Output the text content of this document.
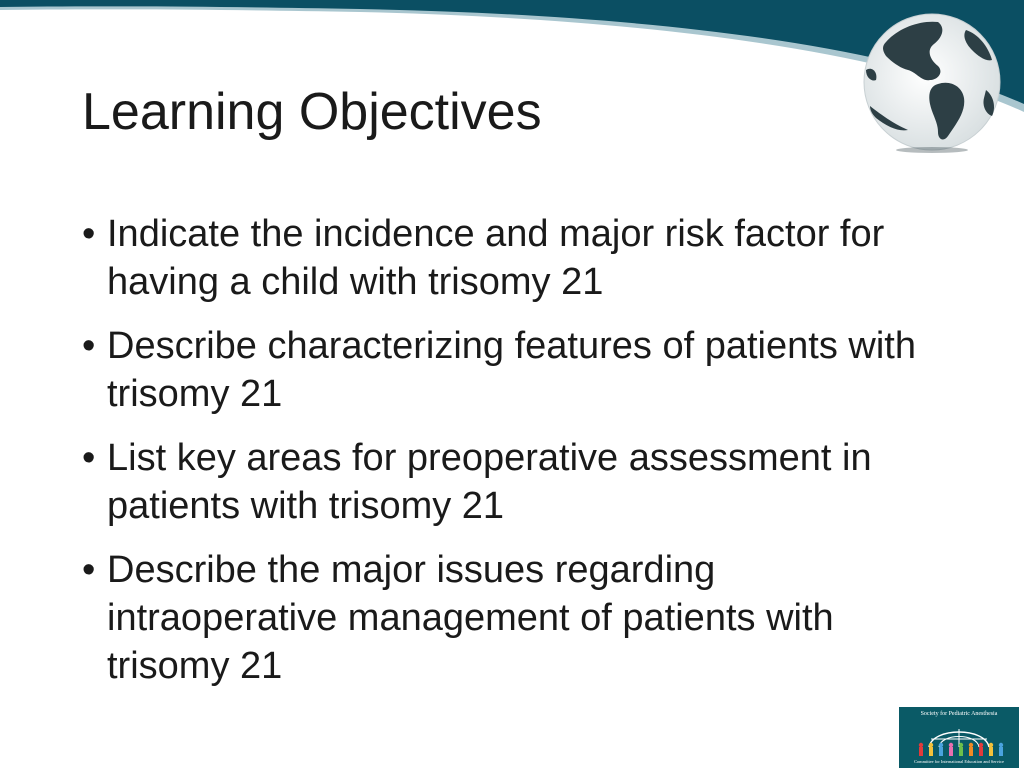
Learning Objectives
• Indicate the incidence and major risk factor for having a child with trisomy 21
• Describe characterizing features of patients with trisomy 21
• List key areas for preoperative assessment in patients with trisomy 21
• Describe the major issues regarding intraoperative management of patients with trisomy 21
Society for Pediatric Anesthesia
Committee for International Education and Service
